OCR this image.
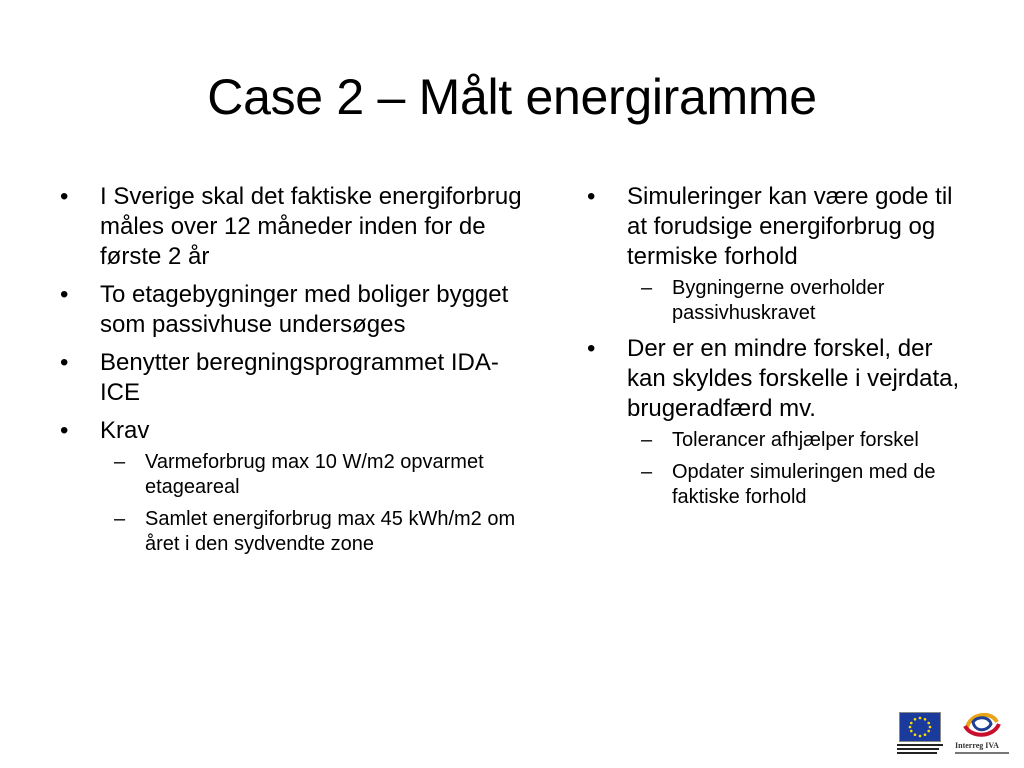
Case 2 – Målt energiramme
• I Sverige skal det faktiske energiforbrug måles over 12 måneder inden for de første 2 år
• To etagebygninger med boliger bygget som passivhuse undersøges
• Benytter beregningsprogrammet IDA-ICE
• Krav
– Varmeforbrug max 10 W/m2 opvarmet etageareal
– Samlet energiforbrug max 45 kWh/m2 om året i den sydvendte zone
• Simuleringer kan være gode til at forudsige energiforbrug og termiske forhold
– Bygningerne overholder passivhuskravet
• Der er en mindre forskel, der kan skyldes forskelle i vejrdata, brugeradfærd mv.
– Tolerancer afhjælper forskel
– Opdater simuleringen med de faktiske forhold
Interreg IVA
